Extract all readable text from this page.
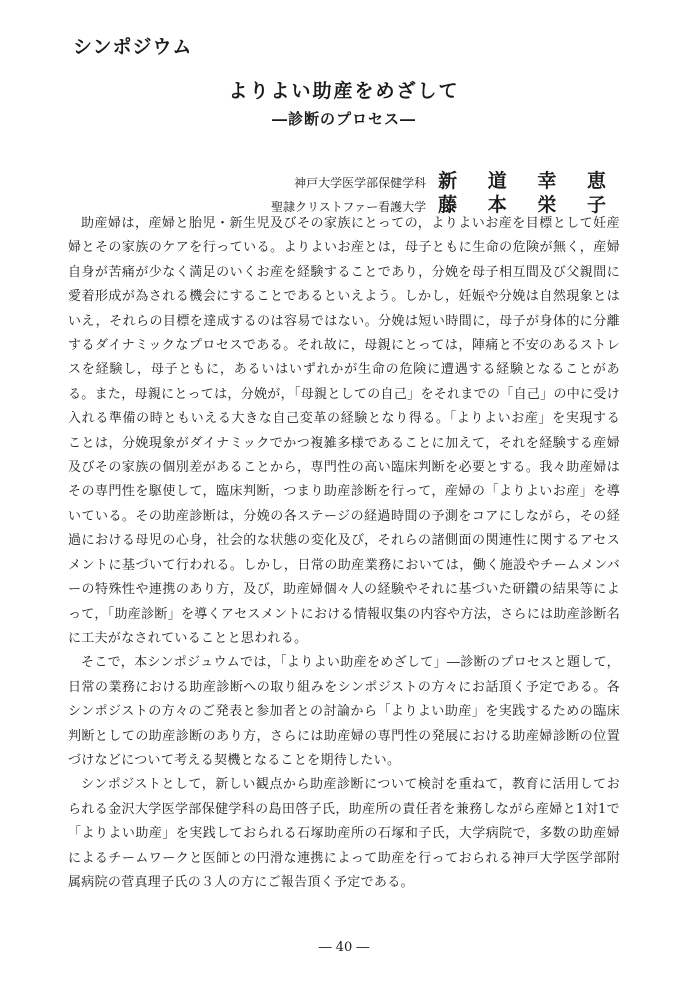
シンポジウム
よりよい助産をめざして
―診断のプロセス―
神戸大学医学部保健学科 新 道 幸 恵
聖隷クリストファー看護大学 藤 本 栄 子

助産婦は，産婦と胎児・新生児及びその家族にとっての，よりよいお産を目標として妊産婦とその家族のケアを行っている。よりよいお産とは，母子ともに生命の危険が無く，産婦自身が苦痛が少なく満足のいくお産を経験することであり，分娩を母子相互間及び父親間に愛着形成が為される機会にすることであるといえよう。しかし，妊娠や分娩は自然現象とはいえ，それらの目標を達成するのは容易ではない。分娩は短い時間に，母子が身体的に分離するダイナミックなプロセスである。それ故に，母親にとっては，陣痛と不安のあるストレスを経験し，母子ともに，あるいはいずれかが生命の危険に遭遇する経験となることがある。また，母親にとっては，分娩が，「母親としての自己」をそれまでの「自己」の中に受け入れる準備の時ともいえる大きな自己変革の経験となり得る。「よりよいお産」を実現することは，分娩現象がダイナミックでかつ複雑多様であることに加えて，それを経験する産婦及びその家族の個別差があることから，専門性の高い臨床判断を必要とする。我々助産婦はその専門性を駆使して，臨床判断，つまり助産診断を行って，産婦の「よりよいお産」を導いている。その助産診断は，分娩の各ステージの経過時間の予測をコアにしながら，その経過における母児の心身，社会的な状態の変化及び，それらの諸側面の関連性に関するアセスメントに基づいて行われる。しかし，日常の助産業務においては，働く施設やチームメンバーの特殊性や連携のあり方，及び，助産婦個々人の経験やそれに基づいた研鑽の結果等によって，「助産診断」を導くアセスメントにおける情報収集の内容や方法，さらには助産診断名に工夫がなされていることと思われる。

そこで，本シンポジュウムでは，「よりよい助産をめざして」―診断のプロセスと題して，日常の業務における助産診断への取り組みをシンポジストの方々にお話頂く予定である。各シンポジストの方々のご発表と参加者との討論から「よりよい助産」を実践するための臨床判断としての助産診断のあり方，さらには助産婦の専門性の発展における助産婦診断の位置づけなどについて考える契機となることを期待したい。

シンポジストとして，新しい観点から助産診断について検討を重ねて，教育に活用しておられる金沢大学医学部保健学科の島田啓子氏，助産所の責任者を兼務しながら産婦と1対1で「よりよい助産」を実践しておられる石塚助産所の石塚和子氏，大学病院で，多数の助産婦によるチームワークと医師との円滑な連携によって助産を行っておられる神戸大学医学部附属病院の菅真理子氏の３人の方にご報告頂く予定である。

― 40 ―
